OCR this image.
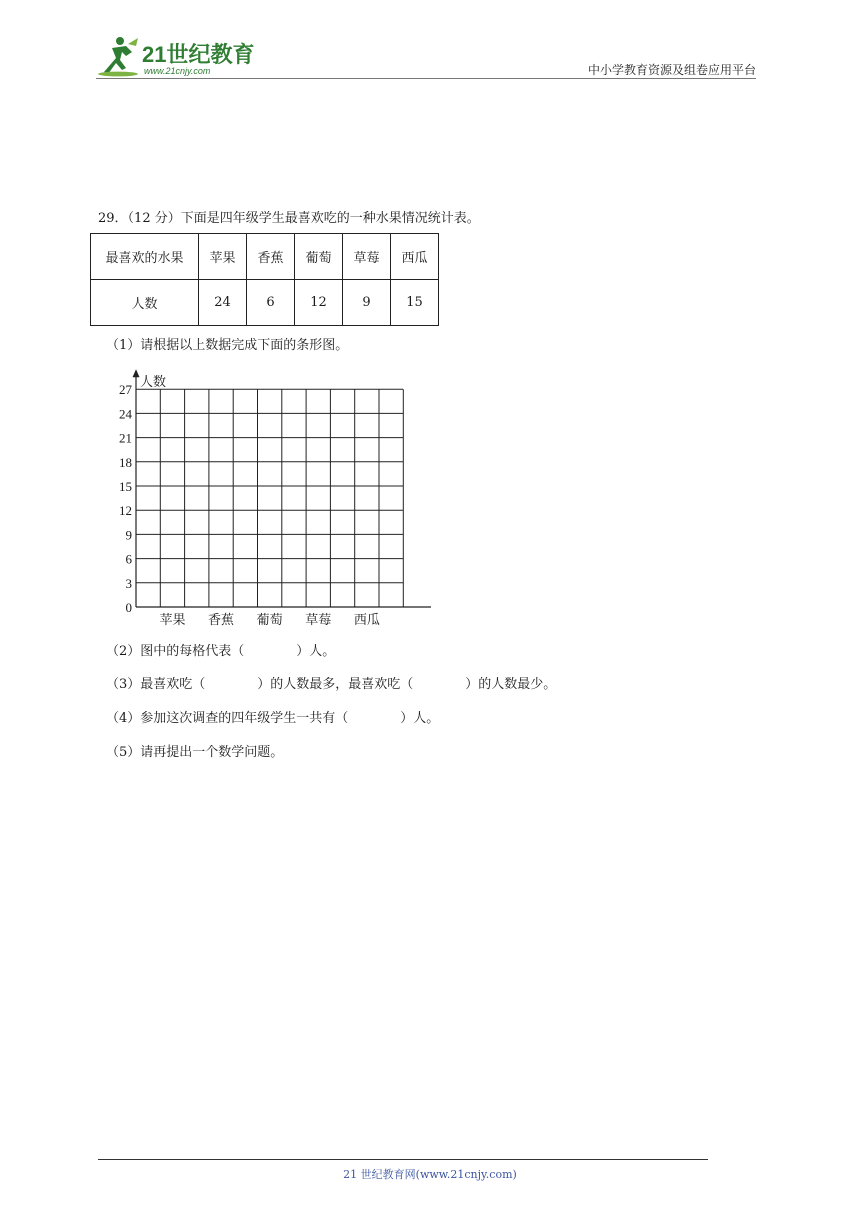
21世纪教育
www.21cnjy.com	中小学教育资源及组卷应用平台
29．（12 分）下面是四年级学生最喜欢吃的一种水果情况统计表。
最喜欢的水果	苹果	香蕉	葡萄	草莓	西瓜
人数	24	6	12	9	15
（1）请根据以上数据完成下面的条形图。
人数
0
3
6
9
12
15
18
21
24
27
苹果 香蕉 葡萄 草莓 西瓜
（2）图中的每格代表（　　　　）人。
（3）最喜欢吃（　　　　）的人数最多，最喜欢吃（　　　　）的人数最少。
（4）参加这次调查的四年级学生一共有（　　　　）人。
（5）请再提出一个数学问题。
21 世纪教育网(www.21cnjy.com)
